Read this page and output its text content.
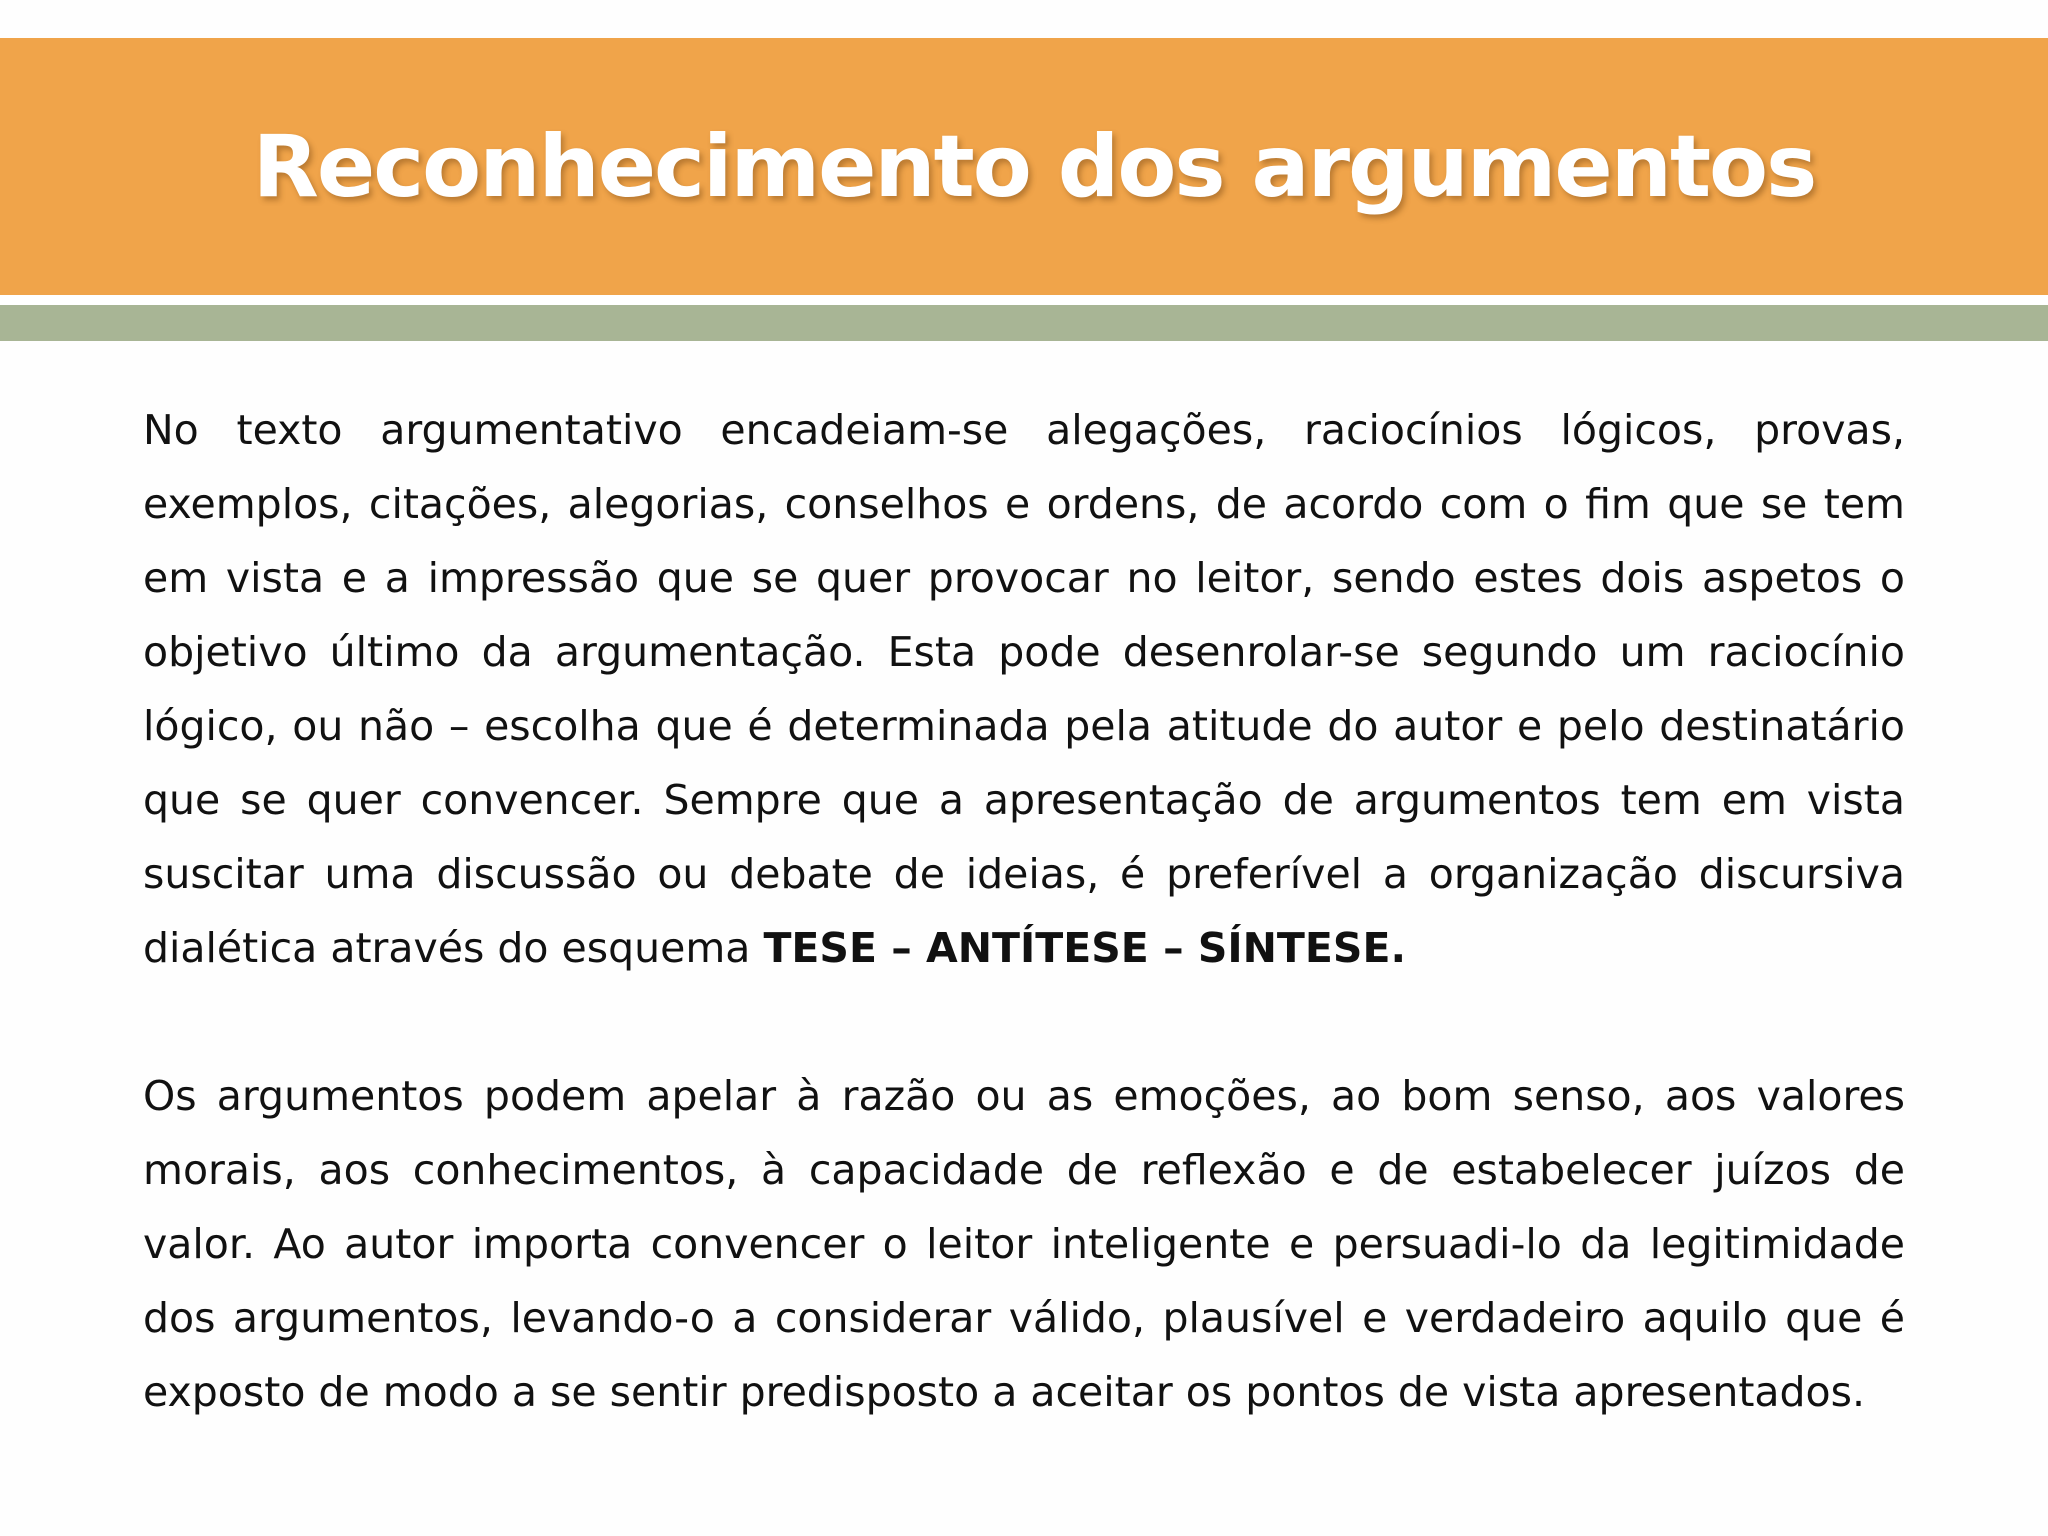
Reconhecimento dos argumentos

No texto argumentativo encadeiam-se alegações, raciocínios lógicos, provas, exemplos, citações, alegorias, conselhos e ordens, de acordo com o fim que se tem em vista e a impressão que se quer provocar no leitor, sendo estes dois aspetos o objetivo último da argumentação. Esta pode desenrolar-se segundo um raciocínio lógico, ou não – escolha que é determinada pela atitude do autor e pelo destinatário que se quer convencer. Sempre que a apresentação de argumentos tem em vista suscitar uma discussão ou debate de ideias, é preferível a organização discursiva dialética através do esquema TESE – ANTÍTESE – SÍNTESE.

Os argumentos podem apelar à razão ou as emoções, ao bom senso, aos valores morais, aos conhecimentos, à capacidade de reflexão e de estabelecer juízos de valor. Ao autor importa convencer o leitor inteligente e persuadi-lo da legitimidade dos argumentos, levando-o a considerar válido, plausível e verdadeiro aquilo que é exposto de modo a se sentir predisposto a aceitar os pontos de vista apresentados.
